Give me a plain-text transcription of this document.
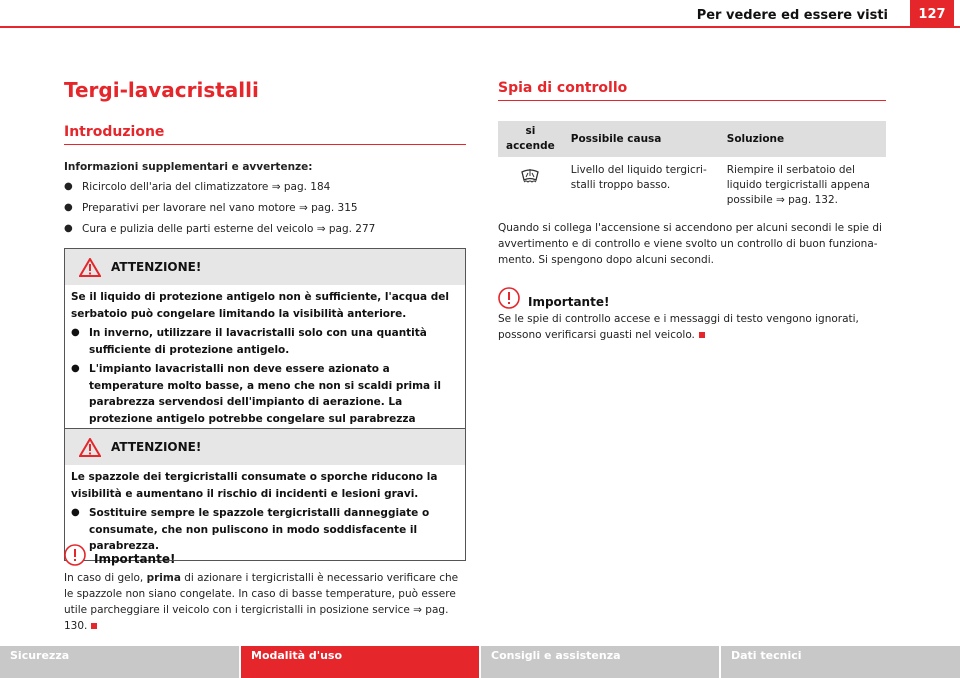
Per vedere ed essere visti	127
Tergi-lavacristalli
Introduzione
Informazioni supplementari e avvertenze:
● Ricircolo dell'aria del climatizzatore ⇒ pag. 184
● Preparativi per lavorare nel vano motore ⇒ pag. 315
● Cura e pulizia delle parti esterne del veicolo ⇒ pag. 277
ATTENZIONE!

Se il liquido di protezione antigelo non è sufficiente, l'acqua del serbatoio può congelare limitando la visibilità anteriore.

● In inverno, utilizzare il lavacristalli solo con una quantità sufficiente di protezione antigelo.
● L'impianto lavacristalli non deve essere azionato a temperature molto basse, a meno che non si scaldi prima il parabrezza servendosi dell'impianto di aerazione. La protezione antigelo potrebbe congelare sul parabrezza
ATTENZIONE!

Le spazzole dei tergicristalli consumate o sporche riducono la visibilità e aumentano il rischio di incidenti e lesioni gravi.

● Sostituire sempre le spazzole tergicristalli danneggiate o consumate, che non puliscono in modo soddisfacente il parabrezza.
Importante!
In caso di gelo, prima di azionare i tergicristalli è necessario verificare che le spazzole non siano congelate. In caso di basse temperature, può essere utile parcheggiare il veicolo con i tergicristalli in posizione service ⇒ pag. 130.
Spia di controllo
si accende	Possibile causa	Soluzione
	Livello del liquido tergicri-stalli troppo basso.	Riempire il serbatoio del liquido tergicristalli appena possibile ⇒ pag. 132.
Quando si collega l'accensione si accendono per alcuni secondi le spie di avvertimento e di controllo e viene svolto un controllo di buon funziona-mento. Si spengono dopo alcuni secondi.
Importante!
Se le spie di controllo accese e i messaggi di testo vengono ignorati, possono verificarsi guasti nel veicolo.
Sicurezza	Modalità d'uso	Consigli e assistenza	Dati tecnici
